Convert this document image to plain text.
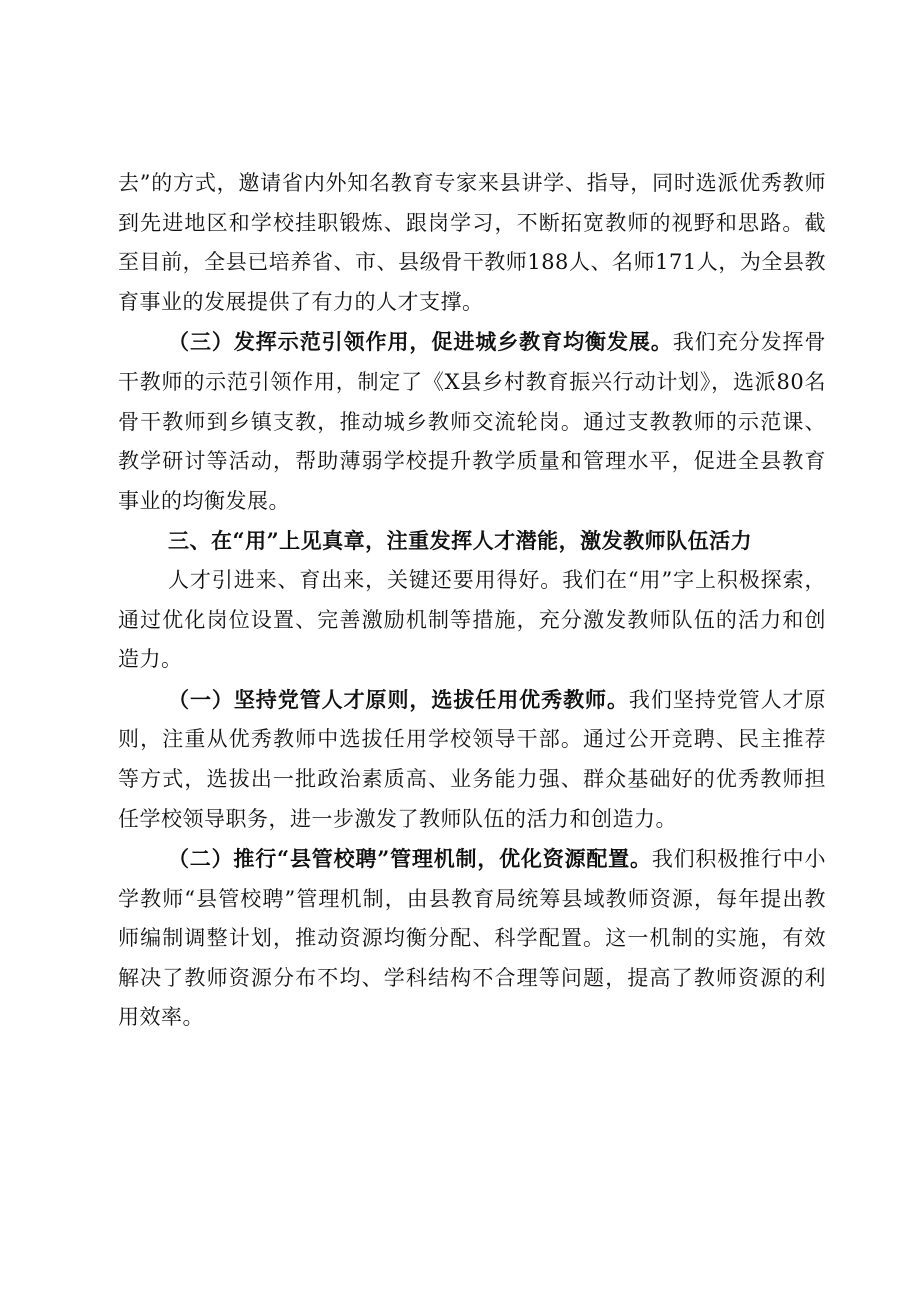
去”的方式，邀请省内外知名教育专家来县讲学、指导，同时选派优秀教师到先进地区和学校挂职锻炼、跟岗学习，不断拓宽教师的视野和思路。截至目前，全县已培养省、市、县级骨干教师188人、名师171人，为全县教育事业的发展提供了有力的人才支撑。

（三）发挥示范引领作用，促进城乡教育均衡发展。我们充分发挥骨干教师的示范引领作用，制定了《X县乡村教育振兴行动计划》，选派80名骨干教师到乡镇支教，推动城乡教师交流轮岗。通过支教教师的示范课、教学研讨等活动，帮助薄弱学校提升教学质量和管理水平，促进全县教育事业的均衡发展。

三、在“用”上见真章，注重发挥人才潜能，激发教师队伍活力

人才引进来、育出来，关键还要用得好。我们在“用”字上积极探索，通过优化岗位设置、完善激励机制等措施，充分激发教师队伍的活力和创造力。

（一）坚持党管人才原则，选拔任用优秀教师。我们坚持党管人才原则，注重从优秀教师中选拔任用学校领导干部。通过公开竞聘、民主推荐等方式，选拔出一批政治素质高、业务能力强、群众基础好的优秀教师担任学校领导职务，进一步激发了教师队伍的活力和创造力。

（二）推行“县管校聘”管理机制，优化资源配置。我们积极推行中小学教师“县管校聘”管理机制，由县教育局统筹县域教师资源，每年提出教师编制调整计划，推动资源均衡分配、科学配置。这一机制的实施，有效解决了教师资源分布不均、学科结构不合理等问题，提高了教师资源的利用效率。
